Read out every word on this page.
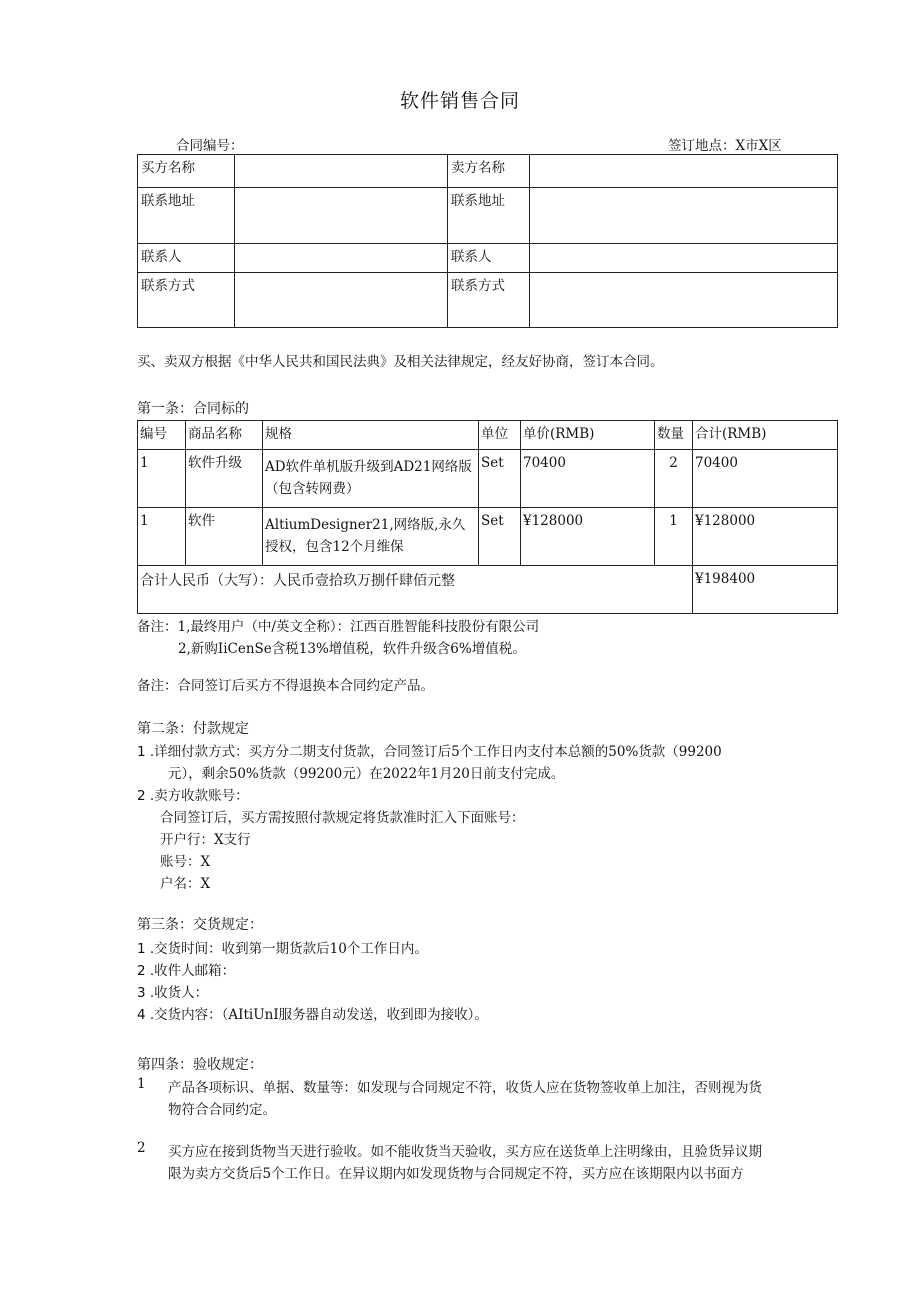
软件销售合同
合同编号：	签订地点：X市X区
买方名称		卖方名称	
联系地址		联系地址	
联系人		联系人	
联系方式		联系方式	
买、卖双方根据《中华人民共和国民法典》及相关法律规定，经友好协商，签订本合同。
第一条：合同标的
编号	商品名称	规格	单位	单价(RMB)	数量	合计(RMB)
1	软件升级	AD软件单机版升级到AD21网络版（包含转网费）	Set	70400	2	70400
1	软件	AltiumDesigner21,网络版,永久授权，包含12个月维保	Set	¥128000	1	¥128000
合计人民币（大写）：人民币壹拾玖万捌仟肆佰元整						¥198400
备注：1,最终用户（中/英文全称）：江西百胜智能科技股份有限公司
2,新购IiCenSe含税13%增值税，软件升级含6%增值税。
备注：合同签订后买方不得退换本合同约定产品。
第二条：付款规定
1 .详细付款方式：买方分二期支付货款，合同签订后5个工作日内支付本总额的50%货款（99200
元），剩余50%货款（99200元）在2022年1月20日前支付完成。
2 .卖方收款账号：
合同签订后，买方需按照付款规定将货款准时汇入下面账号：
开户行：X支行
账号：X
户名：X
第三条：交货规定：
1 .交货时间：收到第一期货款后10个工作日内。
2 .收件人邮箱：
3 .收货人：
4 .交货内容：（AItiUnI服务器自动发送，收到即为接收）。
第四条：验收规定：
1 产品各项标识、单据、数量等：如发现与合同规定不符，收货人应在货物签收单上加注，否则视为货
物符合合同约定。
2 买方应在接到货物当天进行验收。如不能收货当天验收，买方应在送货单上注明缘由，且验货异议期
限为卖方交货后5个工作日。在异议期内如发现货物与合同规定不符，买方应在该期限内以书面方
